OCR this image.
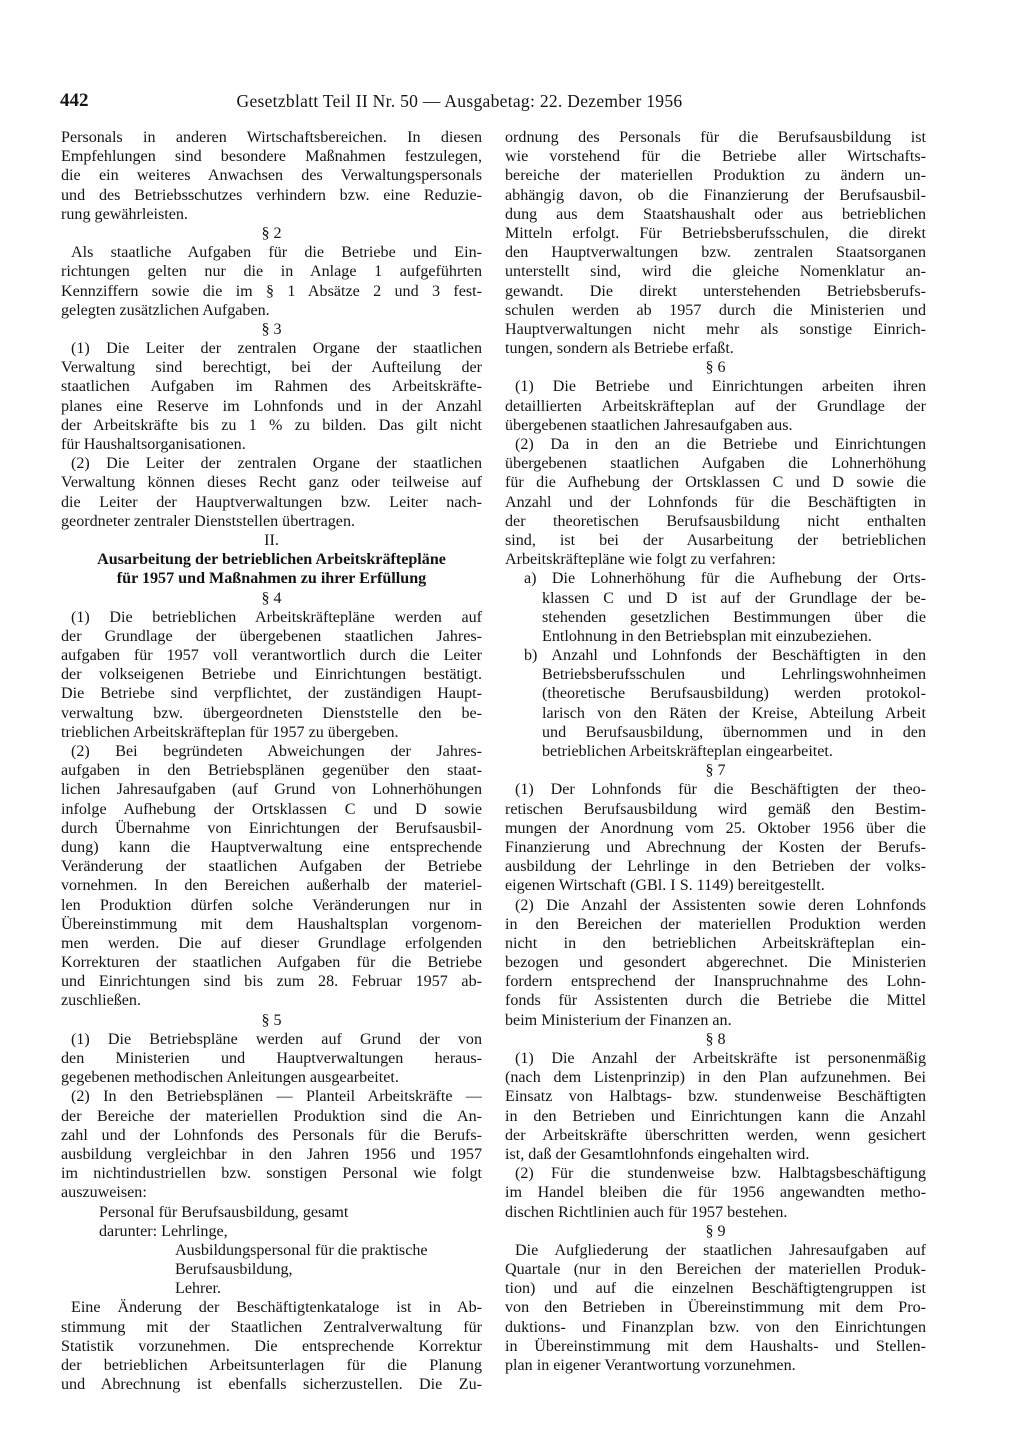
442	Gesetzblatt Teil II Nr. 50 — Ausgabetag: 22. Dezember 1956
Personals in anderen Wirtschaftsbereichen. In diesen
Empfehlungen sind besondere Maßnahmen festzulegen,
die ein weiteres Anwachsen des Verwaltungspersonals
und des Betriebsschutzes verhindern bzw. eine Reduzie-
rung gewährleisten.
§ 2
Als staatliche Aufgaben für die Betriebe und Ein-
richtungen gelten nur die in Anlage 1 aufgeführten
Kennziffern sowie die im § 1 Absätze 2 und 3 fest-
gelegten zusätzlichen Aufgaben.
§ 3
(1) Die Leiter der zentralen Organe der staatlichen
Verwaltung sind berechtigt, bei der Aufteilung der
staatlichen Aufgaben im Rahmen des Arbeitskräfte-
planes eine Reserve im Lohnfonds und in der Anzahl
der Arbeitskräfte bis zu 1 % zu bilden. Das gilt nicht
für Haushaltsorganisationen.
(2) Die Leiter der zentralen Organe der staatlichen
Verwaltung können dieses Recht ganz oder teilweise auf
die Leiter der Hauptverwaltungen bzw. Leiter nach-
geordneter zentraler Dienststellen übertragen.
II.
Ausarbeitung der betrieblichen Arbeitskräftepläne
für 1957 und Maßnahmen zu ihrer Erfüllung
§ 4
(1) Die betrieblichen Arbeitskräftepläne werden auf
der Grundlage der übergebenen staatlichen Jahres-
aufgaben für 1957 voll verantwortlich durch die Leiter
der volkseigenen Betriebe und Einrichtungen bestätigt.
Die Betriebe sind verpflichtet, der zuständigen Haupt-
verwaltung bzw. übergeordneten Dienststelle den be-
trieblichen Arbeitskräfteplan für 1957 zu übergeben.
(2) Bei begründeten Abweichungen der Jahres-
aufgaben in den Betriebsplänen gegenüber den staat-
lichen Jahresaufgaben (auf Grund von Lohnerhöhungen
infolge Aufhebung der Ortsklassen C und D sowie
durch Übernahme von Einrichtungen der Berufsausbil-
dung) kann die Hauptverwaltung eine entsprechende
Veränderung der staatlichen Aufgaben der Betriebe
vornehmen. In den Bereichen außerhalb der materiel-
len Produktion dürfen solche Veränderungen nur in
Übereinstimmung mit dem Haushaltsplan vorgenom-
men werden. Die auf dieser Grundlage erfolgenden
Korrekturen der staatlichen Aufgaben für die Betriebe
und Einrichtungen sind bis zum 28. Februar 1957 ab-
zuschließen.
§ 5
(1) Die Betriebspläne werden auf Grund der von
den Ministerien und Hauptverwaltungen heraus-
gegebenen methodischen Anleitungen ausgearbeitet.
(2) In den Betriebsplänen — Planteil Arbeitskräfte —
der Bereiche der materiellen Produktion sind die An-
zahl und der Lohnfonds des Personals für die Berufs-
ausbildung vergleichbar in den Jahren 1956 und 1957
im nichtindustriellen bzw. sonstigen Personal wie folgt
auszuweisen:
Personal für Berufsausbildung, gesamt
darunter: Lehrlinge,
Ausbildungspersonal für die praktische
Berufsausbildung,
Lehrer.
Eine Änderung der Beschäftigtenkataloge ist in Ab-
stimmung mit der Staatlichen Zentralverwaltung für
Statistik vorzunehmen. Die entsprechende Korrektur
der betrieblichen Arbeitsunterlagen für die Planung
und Abrechnung ist ebenfalls sicherzustellen. Die Zu-
ordnung des Personals für die Berufsausbildung ist
wie vorstehend für die Betriebe aller Wirtschafts-
bereiche der materiellen Produktion zu ändern un-
abhängig davon, ob die Finanzierung der Berufsausbil-
dung aus dem Staatshaushalt oder aus betrieblichen
Mitteln erfolgt. Für Betriebsberufsschulen, die direkt
den Hauptverwaltungen bzw. zentralen Staatsorganen
unterstellt sind, wird die gleiche Nomenklatur an-
gewandt. Die direkt unterstehenden Betriebsberufs-
schulen werden ab 1957 durch die Ministerien und
Hauptverwaltungen nicht mehr als sonstige Einrich-
tungen, sondern als Betriebe erfaßt.
§ 6
(1) Die Betriebe und Einrichtungen arbeiten ihren
detaillierten Arbeitskräfteplan auf der Grundlage der
übergebenen staatlichen Jahresaufgaben aus.
(2) Da in den an die Betriebe und Einrichtungen
übergebenen staatlichen Aufgaben die Lohnerhöhung
für die Aufhebung der Ortsklassen C und D sowie die
Anzahl und der Lohnfonds für die Beschäftigten in
der theoretischen Berufsausbildung nicht enthalten
sind, ist bei der Ausarbeitung der betrieblichen
Arbeitskräftepläne wie folgt zu verfahren:
a) Die Lohnerhöhung für die Aufhebung der Orts-
klassen C und D ist auf der Grundlage der be-
stehenden gesetzlichen Bestimmungen über die
Entlohnung in den Betriebsplan mit einzubeziehen.
b) Anzahl und Lohnfonds der Beschäftigten in den
Betriebsberufsschulen und Lehrlingswohnheimen
(theoretische Berufsausbildung) werden protokol-
larisch von den Räten der Kreise, Abteilung Arbeit
und Berufsausbildung, übernommen und in den
betrieblichen Arbeitskräfteplan eingearbeitet.
§ 7
(1) Der Lohnfonds für die Beschäftigten der theo-
retischen Berufsausbildung wird gemäß den Bestim-
mungen der Anordnung vom 25. Oktober 1956 über die
Finanzierung und Abrechnung der Kosten der Berufs-
ausbildung der Lehrlinge in den Betrieben der volks-
eigenen Wirtschaft (GBl. I S. 1149) bereitgestellt.
(2) Die Anzahl der Assistenten sowie deren Lohnfonds
in den Bereichen der materiellen Produktion werden
nicht in den betrieblichen Arbeitskräfteplan ein-
bezogen und gesondert abgerechnet. Die Ministerien
fordern entsprechend der Inanspruchnahme des Lohn-
fonds für Assistenten durch die Betriebe die Mittel
beim Ministerium der Finanzen an.
§ 8
(1) Die Anzahl der Arbeitskräfte ist personenmäßig
(nach dem Listenprinzip) in den Plan aufzunehmen. Bei
Einsatz von Halbtags- bzw. stundenweise Beschäftigten
in den Betrieben und Einrichtungen kann die Anzahl
der Arbeitskräfte überschritten werden, wenn gesichert
ist, daß der Gesamtlohnfonds eingehalten wird.
(2) Für die stundenweise bzw. Halbtagsbeschäftigung
im Handel bleiben die für 1956 angewandten metho-
dischen Richtlinien auch für 1957 bestehen.
§ 9
Die Aufgliederung der staatlichen Jahresaufgaben auf
Quartale (nur in den Bereichen der materiellen Produk-
tion) und auf die einzelnen Beschäftigtengruppen ist
von den Betrieben in Übereinstimmung mit dem Pro-
duktions- und Finanzplan bzw. von den Einrichtungen
in Übereinstimmung mit dem Haushalts- und Stellen-
plan in eigener Verantwortung vorzunehmen.
